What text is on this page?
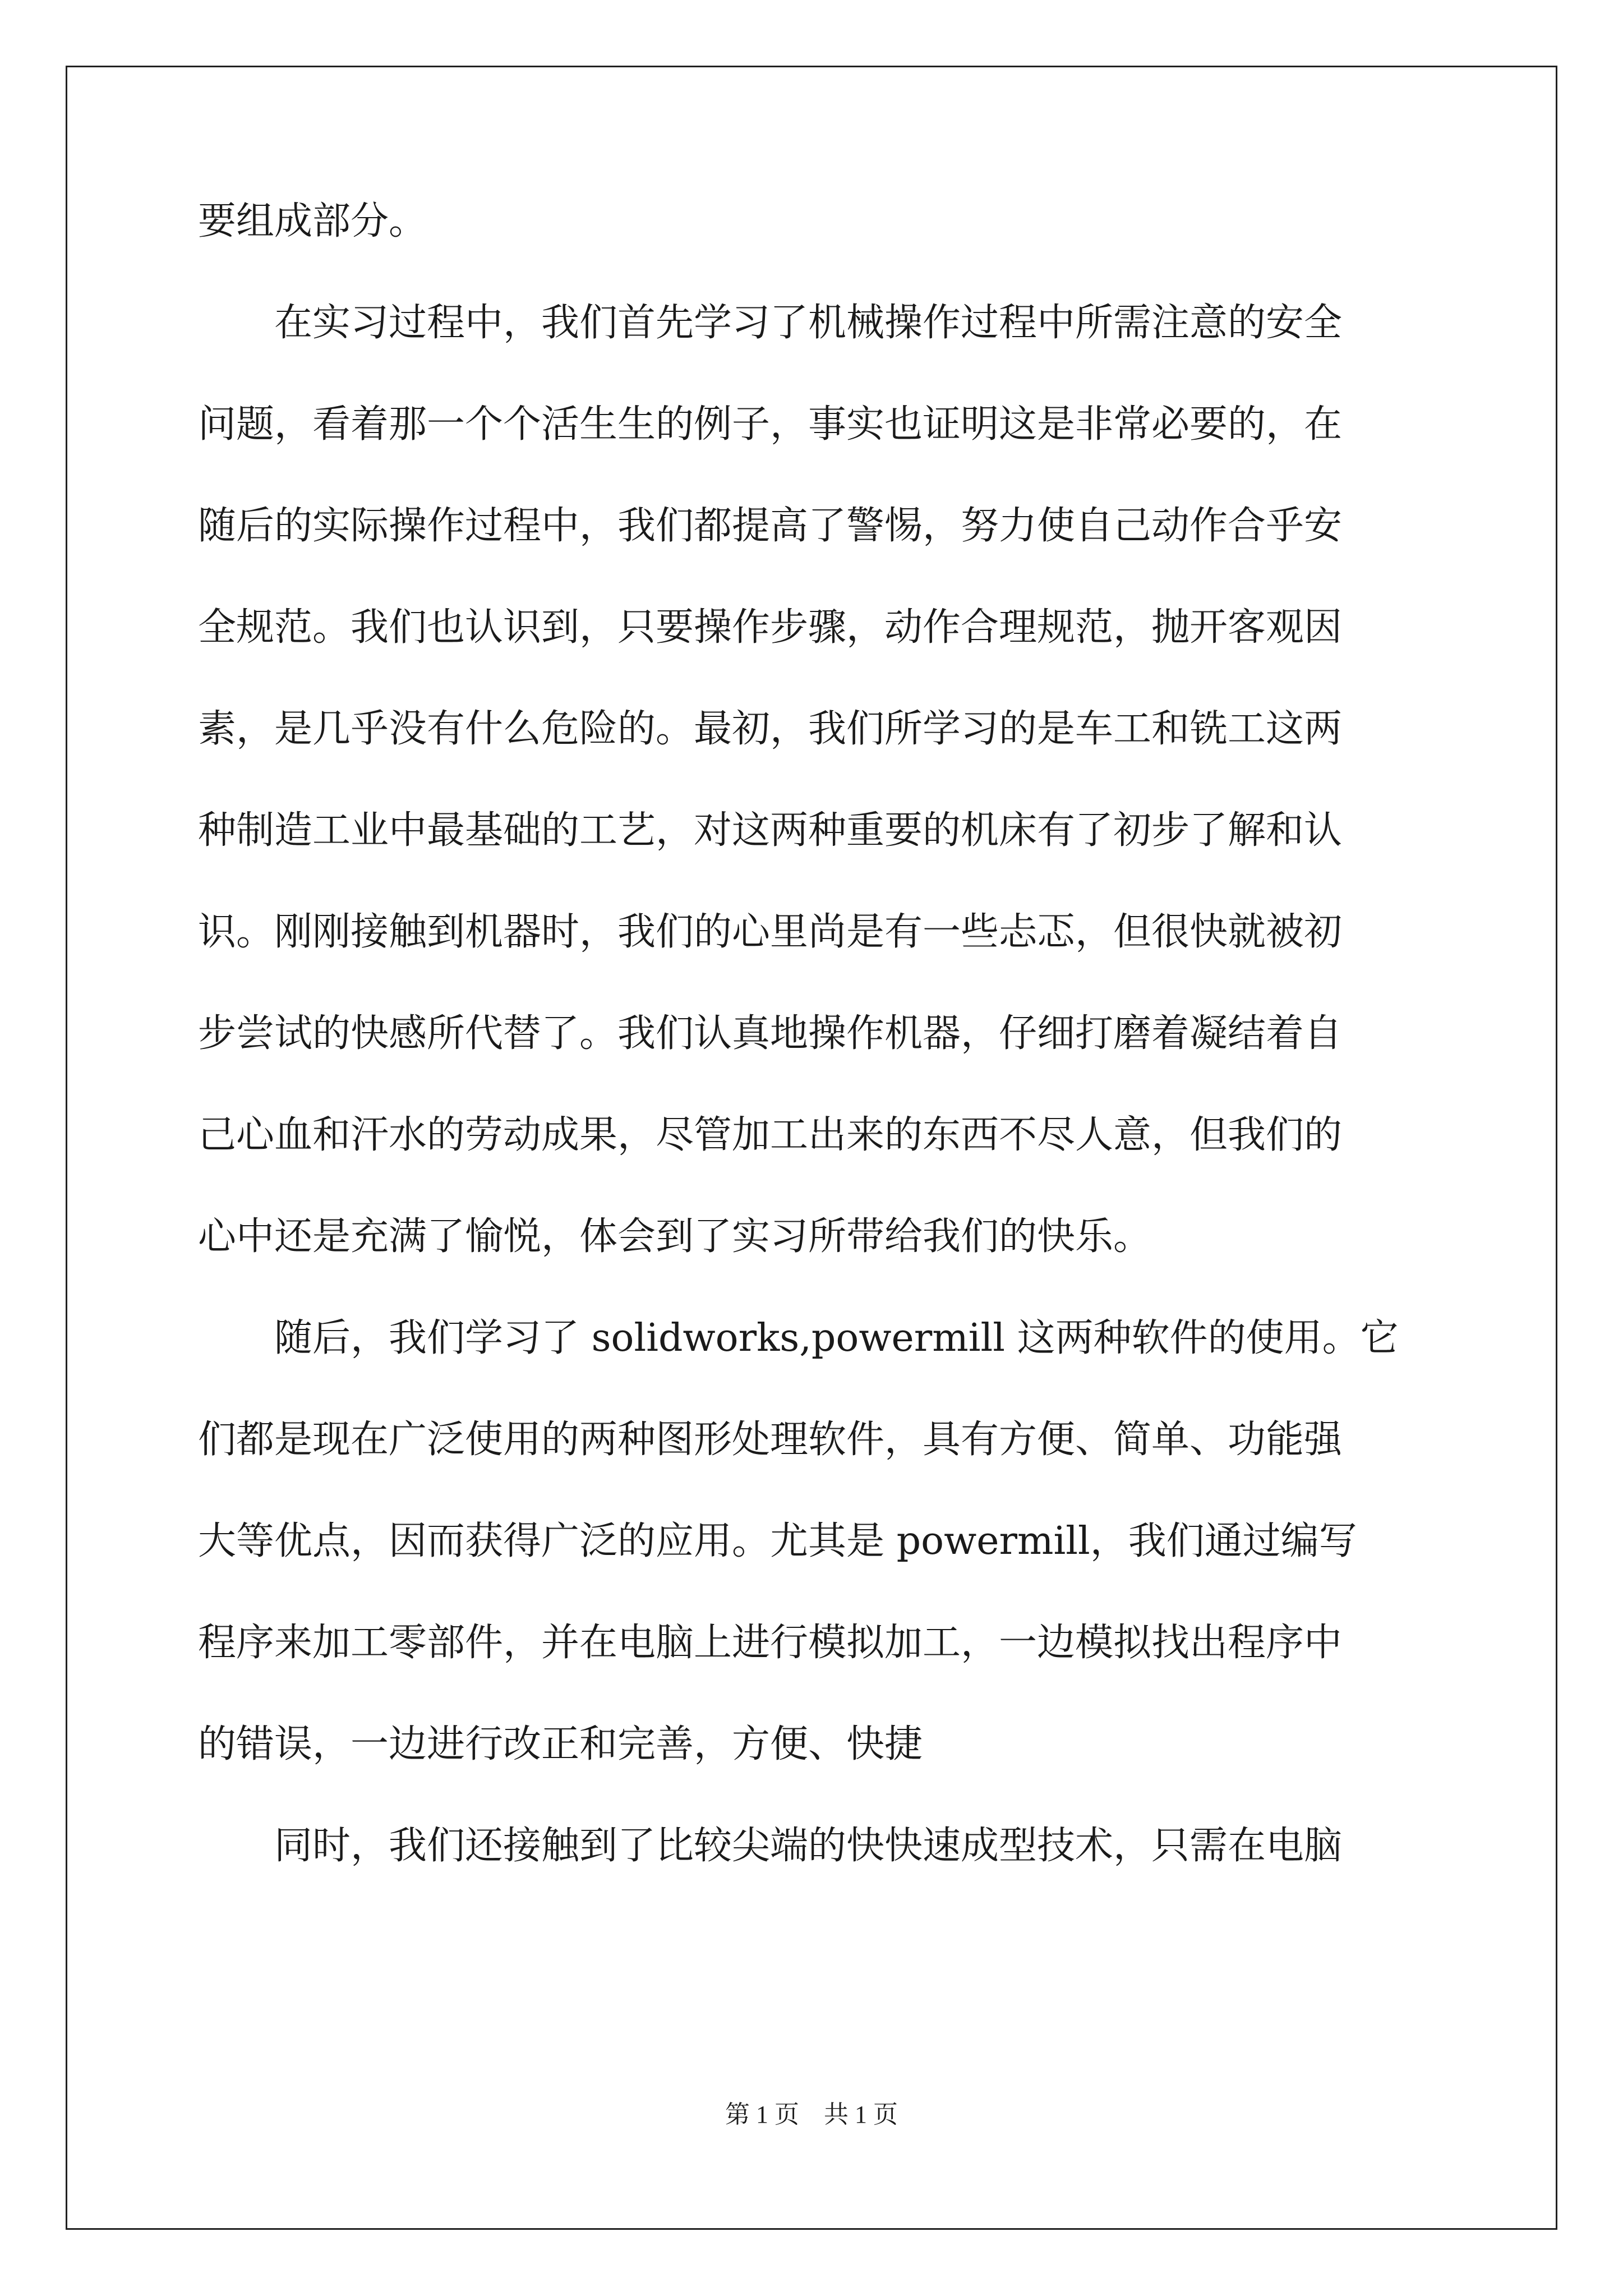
要组成部分。
　　在实习过程中，我们首先学习了机械操作过程中所需注意的安全
问题，看着那一个个活生生的例子，事实也证明这是非常必要的，在
随后的实际操作过程中，我们都提高了警惕，努力使自己动作合乎安
全规范。我们也认识到，只要操作步骤，动作合理规范，抛开客观因
素，是几乎没有什么危险的。最初，我们所学习的是车工和铣工这两
种制造工业中最基础的工艺，对这两种重要的机床有了初步了解和认
识。刚刚接触到机器时，我们的心里尚是有一些忐忑，但很快就被初
步尝试的快感所代替了。我们认真地操作机器，仔细打磨着凝结着自
己心血和汗水的劳动成果，尽管加工出来的东西不尽人意，但我们的
心中还是充满了愉悦，体会到了实习所带给我们的快乐。
　　随后，我们学习了 solidworks,powermill 这两种软件的使用。它
们都是现在广泛使用的两种图形处理软件，具有方便、简单、功能强
大等优点，因而获得广泛的应用。尤其是 powermill，我们通过编写
程序来加工零部件，并在电脑上进行模拟加工，一边模拟找出程序中
的错误，一边进行改正和完善，方便、快捷
　　同时，我们还接触到了比较尖端的快快速成型技术，只需在电脑
第 1 页　共 1 页
